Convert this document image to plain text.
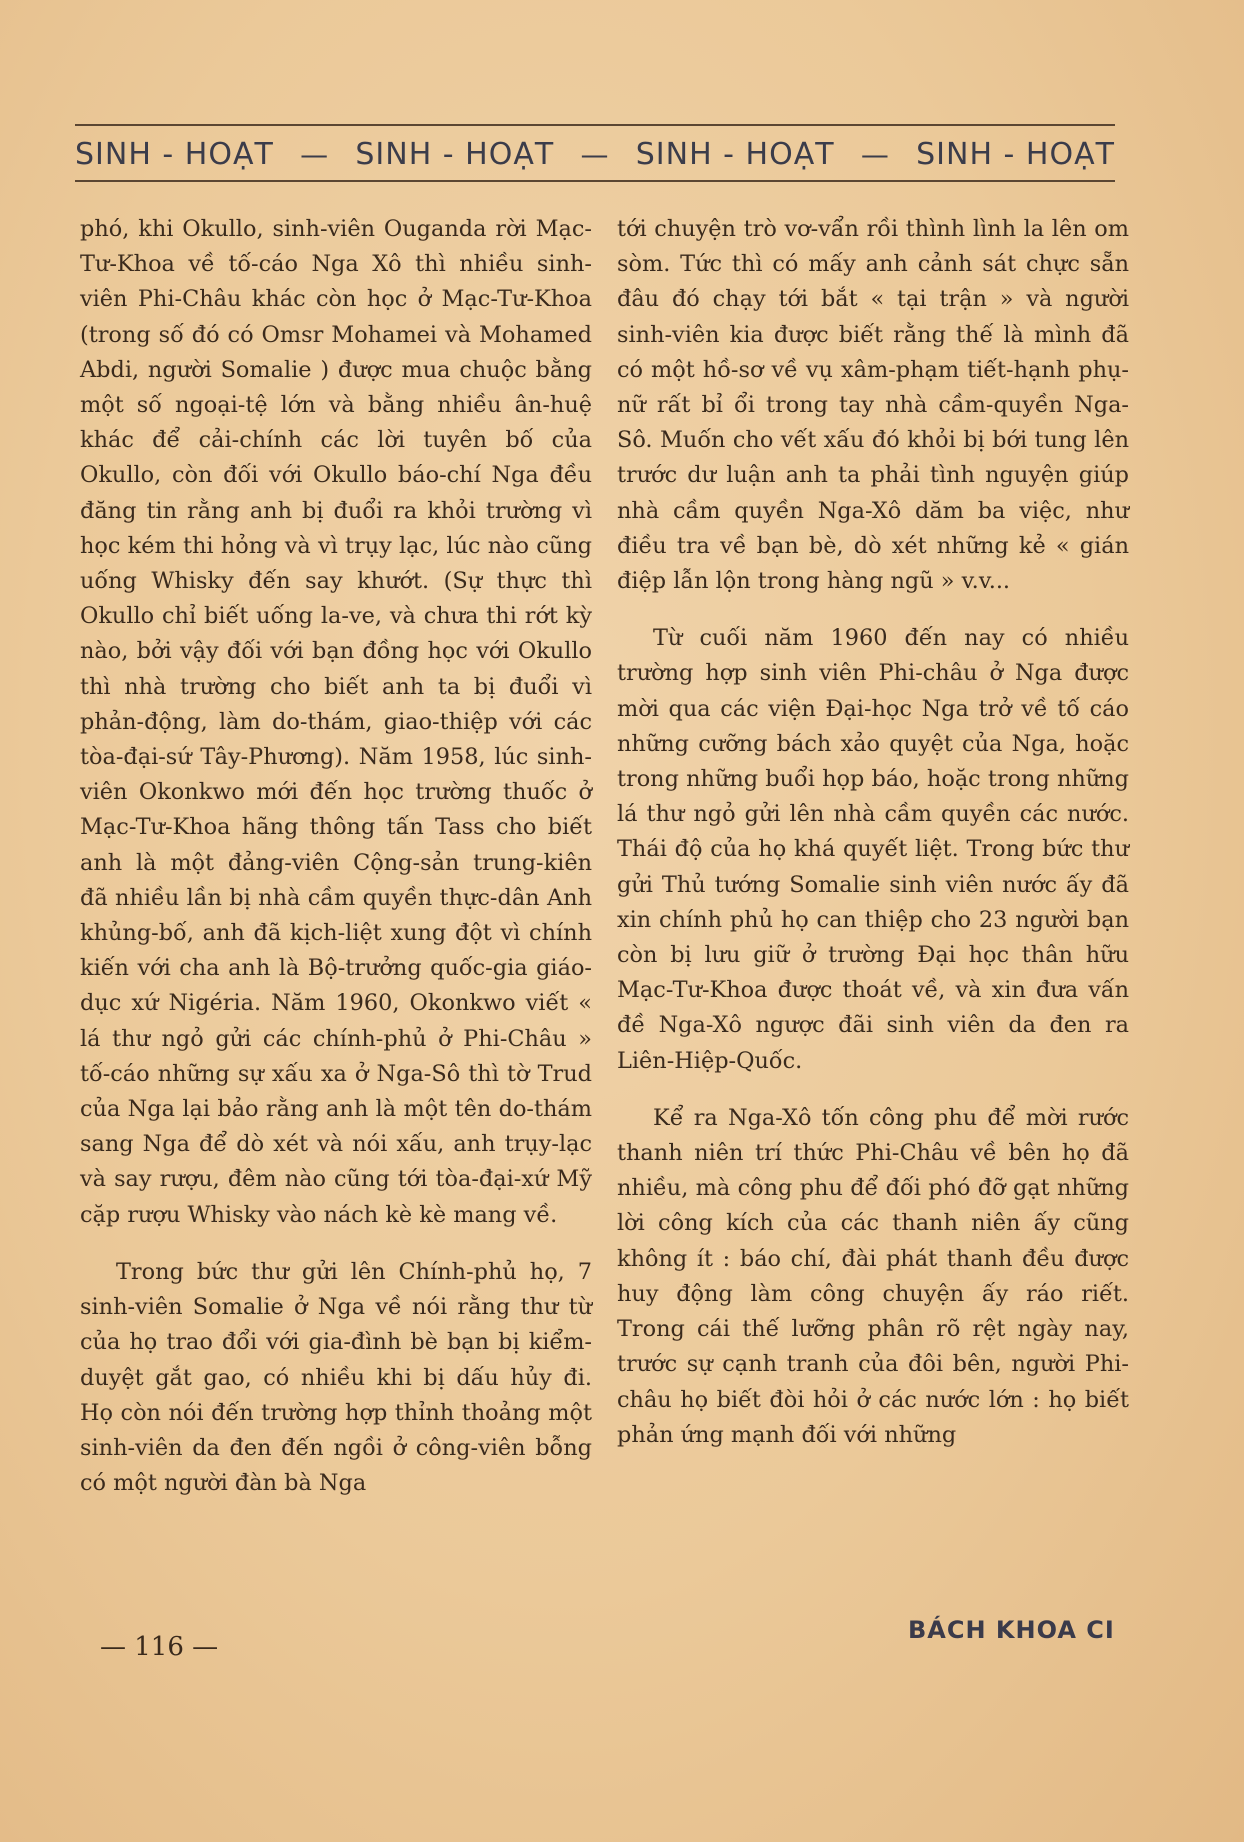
SINH - HOẠT — SINH - HOẠT — SINH - HOẠT — SINH - HOẠT

phó, khi Okullo, sinh-viên Ouganda rời Mạc-Tư-Khoa về tố-cáo Nga Xô thì nhiều sinh-viên Phi-Châu khác còn học ở Mạc-Tư-Khoa (trong số đó có Omsr Mohamei và Mohamed Abdi, người Somalie ) được mua chuộc bằng một số ngoại-tệ lớn và bằng nhiều ân-huệ khác để cải-chính các lời tuyên bố của Okullo, còn đối với Okullo báo-chí Nga đều đăng tin rằng anh bị đuổi ra khỏi trường vì học kém thi hỏng và vì trụy lạc, lúc nào cũng uống Whisky đến say khướt. (Sự thực thì Okullo chỉ biết uống la-ve, và chưa thi rớt kỳ nào, bởi vậy đối với bạn đồng học với Okullo thì nhà trường cho biết anh ta bị đuổi vì phản-động, làm do-thám, giao-thiệp với các tòa-đại-sứ Tây-Phương). Năm 1958, lúc sinh-viên Okonkwo mới đến học trường thuốc ở Mạc-Tư-Khoa hãng thông tấn Tass cho biết anh là một đảng-viên Cộng-sản trung-kiên đã nhiều lần bị nhà cầm quyền thực-dân Anh khủng-bố, anh đã kịch-liệt xung đột vì chính kiến với cha anh là Bộ-trưởng quốc-gia giáo-dục xứ Nigéria. Năm 1960, Okonkwo viết « lá thư ngỏ gửi các chính-phủ ở Phi-Châu » tố-cáo những sự xấu xa ở Nga-Sô thì tờ Trud của Nga lại bảo rằng anh là một tên do-thám sang Nga để dò xét và nói xấu, anh trụy-lạc và say rượu, đêm nào cũng tới tòa-đại-xứ Mỹ cặp rượu Whisky vào nách kè kè mang về.

Trong bức thư gửi lên Chính-phủ họ, 7 sinh-viên Somalie ở Nga về nói rằng thư từ của họ trao đổi với gia-đình bè bạn bị kiểm-duyệt gắt gao, có nhiều khi bị dấu hủy đi. Họ còn nói đến trường hợp thỉnh thoảng một sinh-viên da đen đến ngồi ở công-viên bỗng có một người đàn bà Nga

tới chuyện trò vơ-vẩn rồi thình lình la lên om sòm. Tức thì có mấy anh cảnh sát chực sẵn đâu đó chạy tới bắt « tại trận » và người sinh-viên kia được biết rằng thế là mình đã có một hồ-sơ về vụ xâm-phạm tiết-hạnh phụ-nữ rất bỉ ổi trong tay nhà cầm-quyền Nga-Sô. Muốn cho vết xấu đó khỏi bị bới tung lên trước dư luận anh ta phải tình nguyện giúp nhà cầm quyền Nga-Xô dăm ba việc, như điều tra về bạn bè, dò xét những kẻ « gián điệp lẫn lộn trong hàng ngũ » v.v...

Từ cuối năm 1960 đến nay có nhiều trường hợp sinh viên Phi-châu ở Nga được mời qua các viện Đại-học Nga trở về tố cáo những cưỡng bách xảo quyệt của Nga, hoặc trong những buổi họp báo, hoặc trong những lá thư ngỏ gửi lên nhà cầm quyền các nước. Thái độ của họ khá quyết liệt. Trong bức thư gửi Thủ tướng Somalie sinh viên nước ấy đã xin chính phủ họ can thiệp cho 23 người bạn còn bị lưu giữ ở trường Đại học thân hữu Mạc-Tư-Khoa được thoát về, và xin đưa vấn đề Nga-Xô ngược đãi sinh viên da đen ra Liên-Hiệp-Quốc.

Kể ra Nga-Xô tốn công phu để mời rước thanh niên trí thức Phi-Châu về bên họ đã nhiều, mà công phu để đối phó đỡ gạt những lời công kích của các thanh niên ấy cũng không ít : báo chí, đài phát thanh đều được huy động làm công chuyện ấy ráo riết. Trong cái thế lưỡng phân rõ rệt ngày nay, trước sự cạnh tranh của đôi bên, người Phi-châu họ biết đòi hỏi ở các nước lớn : họ biết phản ứng mạnh đối với những

— 116 —
BÁCH KHOA CI
